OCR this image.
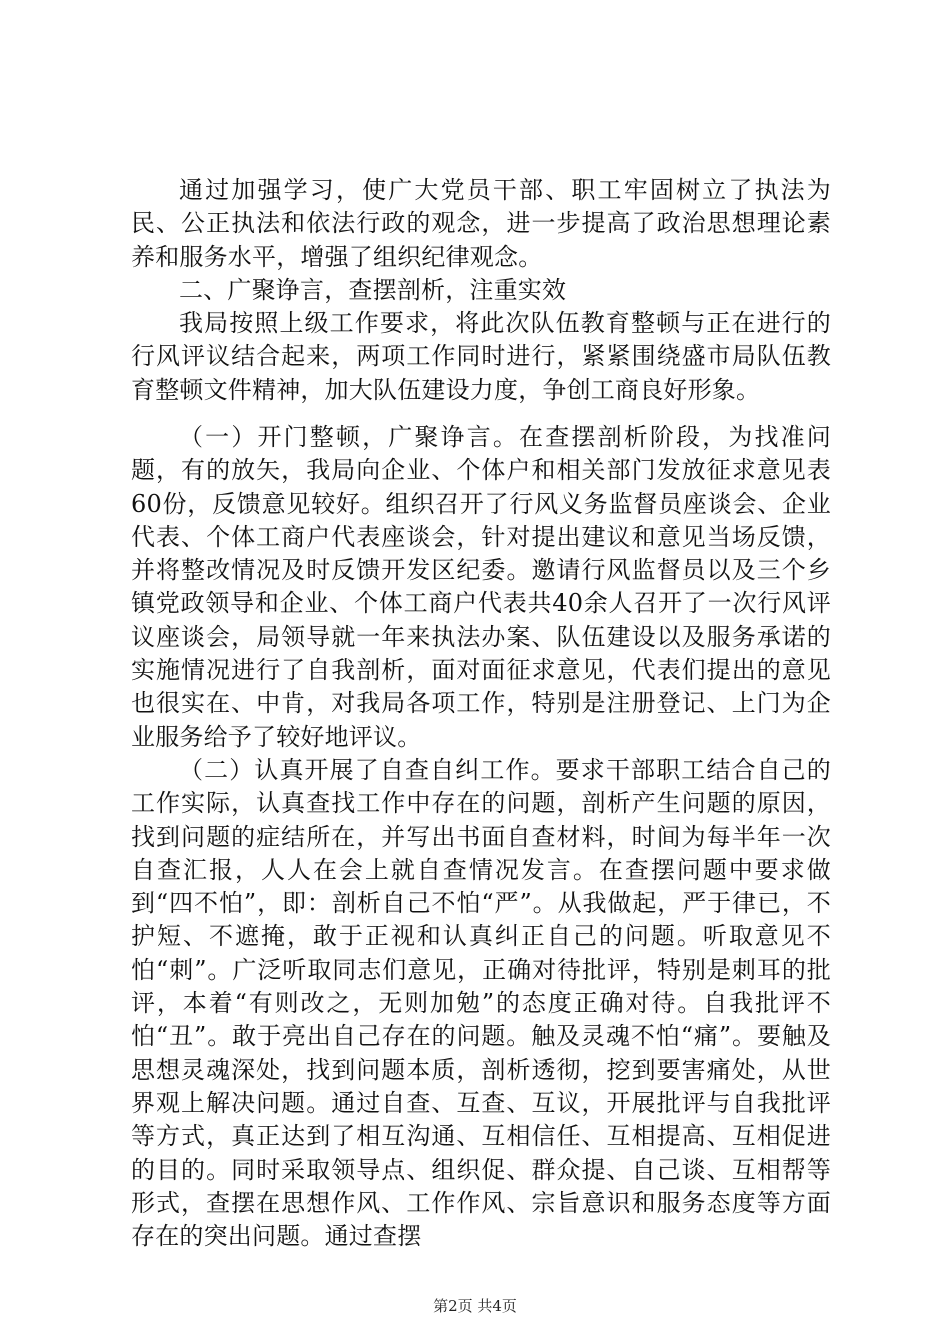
通过加强学习，使广大党员干部、职工牢固树立了执法为民、公正执法和依法行政的观念，进一步提高了政治思想理论素养和服务水平，增强了组织纪律观念。

二、广聚诤言，查摆剖析，注重实效

我局按照上级工作要求，将此次队伍教育整顿与正在进行的行风评议结合起来，两项工作同时进行，紧紧围绕盛市局队伍教育整顿文件精神，加大队伍建设力度，争创工商良好形象。

（一）开门整顿，广聚诤言。在查摆剖析阶段，为找准问题，有的放矢，我局向企业、个体户和相关部门发放征求意见表60份，反馈意见较好。组织召开了行风义务监督员座谈会、企业代表、个体工商户代表座谈会，针对提出建议和意见当场反馈，并将整改情况及时反馈开发区纪委。邀请行风监督员以及三个乡镇党政领导和企业、个体工商户代表共40余人召开了一次行风评议座谈会，局领导就一年来执法办案、队伍建设以及服务承诺的实施情况进行了自我剖析，面对面征求意见，代表们提出的意见也很实在、中肯，对我局各项工作，特别是注册登记、上门为企业服务给予了较好地评议。

（二）认真开展了自查自纠工作。要求干部职工结合自己的工作实际，认真查找工作中存在的问题，剖析产生问题的原因，找到问题的症结所在，并写出书面自查材料，时间为每半年一次自查汇报，人人在会上就自查情况发言。在查摆问题中要求做到“四不怕”，即：剖析自己不怕“严”。从我做起，严于律已，不护短、不遮掩，敢于正视和认真纠正自己的问题。听取意见不怕“刺”。广泛听取同志们意见，正确对待批评，特别是刺耳的批评，本着“有则改之，无则加勉”的态度正确对待。自我批评不怕“丑”。敢于亮出自己存在的问题。触及灵魂不怕“痛”。要触及思想灵魂深处，找到问题本质，剖析透彻，挖到要害痛处，从世界观上解决问题。通过自查、互查、互议，开展批评与自我批评等方式，真正达到了相互沟通、互相信任、互相提高、互相促进的目的。同时采取领导点、组织促、群众提、自己谈、互相帮等形式，查摆在思想作风、工作作风、宗旨意识和服务态度等方面存在的突出问题。通过查摆

第2页 共4页
